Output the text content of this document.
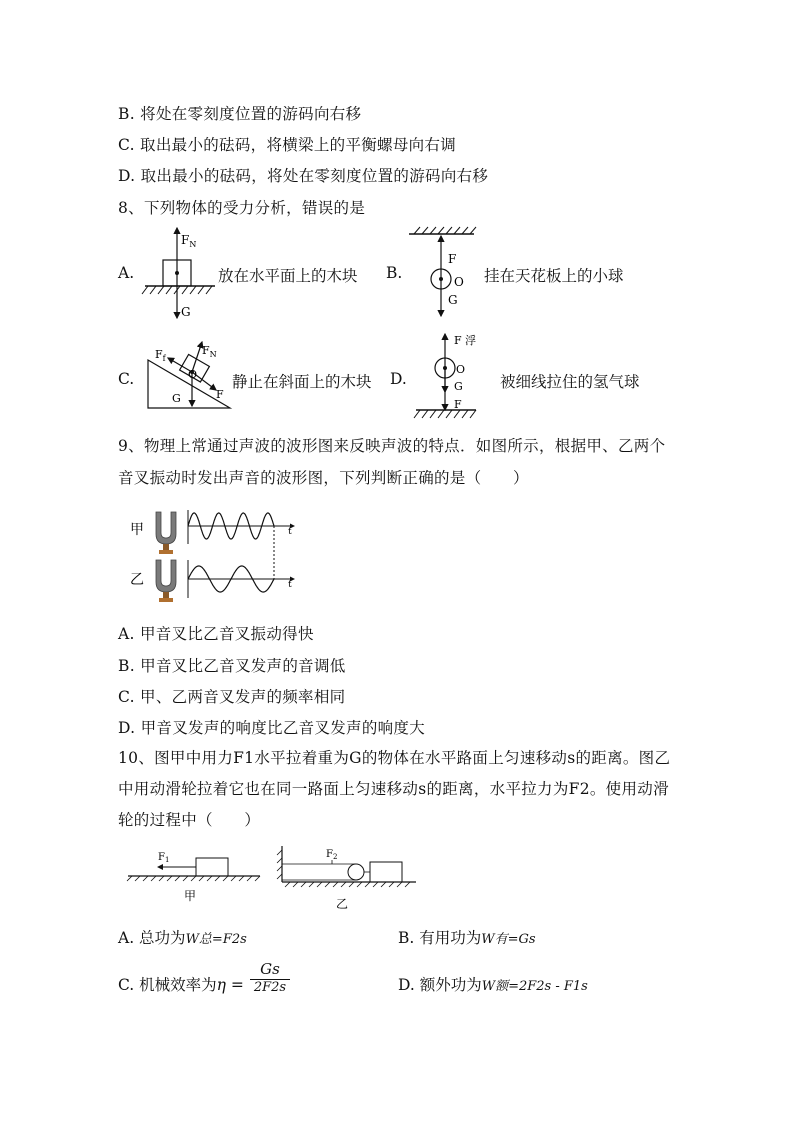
B. 将处在零刻度位置的游码向右移
C. 取出最小的砝码，将横梁上的平衡螺母向右调
D. 取出最小的砝码，将处在零刻度位置的游码向右移
8、下列物体的受力分析，错误的是
A.
$F_N$
G
放在水平面上的木块 B.
F
O
G
挂在天花板上的小球
C.
$F_f$
$F_N$
O
G	F
静止在斜面上的木块 D.
F 浮
O
G
F
被细线拉住的氢气球
9、物理上常通过声波的波形图来反映声波的特点．如图所示，根据甲、乙两个
音叉振动时发出声音的波形图，下列判断正确的是（　　）
甲
乙
t
t
A. 甲音叉比乙音叉振动得快
B. 甲音叉比乙音叉发声的音调低
C. 甲、乙两音叉发声的频率相同
D. 甲音叉发声的响度比乙音叉发声的响度大
10、图甲中用力F1水平拉着重为G的物体在水平路面上匀速移动s的距离。图乙
中用动滑轮拉着它也在同一路面上匀速移动s的距离，水平拉力为F2。使用动滑
轮的过程中（　　）
$F_1$
甲
$F_2$
乙
A. 总功为W总=F2s	B. 有用功为W有=Gs
C. 机械效率为$\eta = \frac{Gs}{2F2s}$	D. 额外功为W额=2F2s - F1s
